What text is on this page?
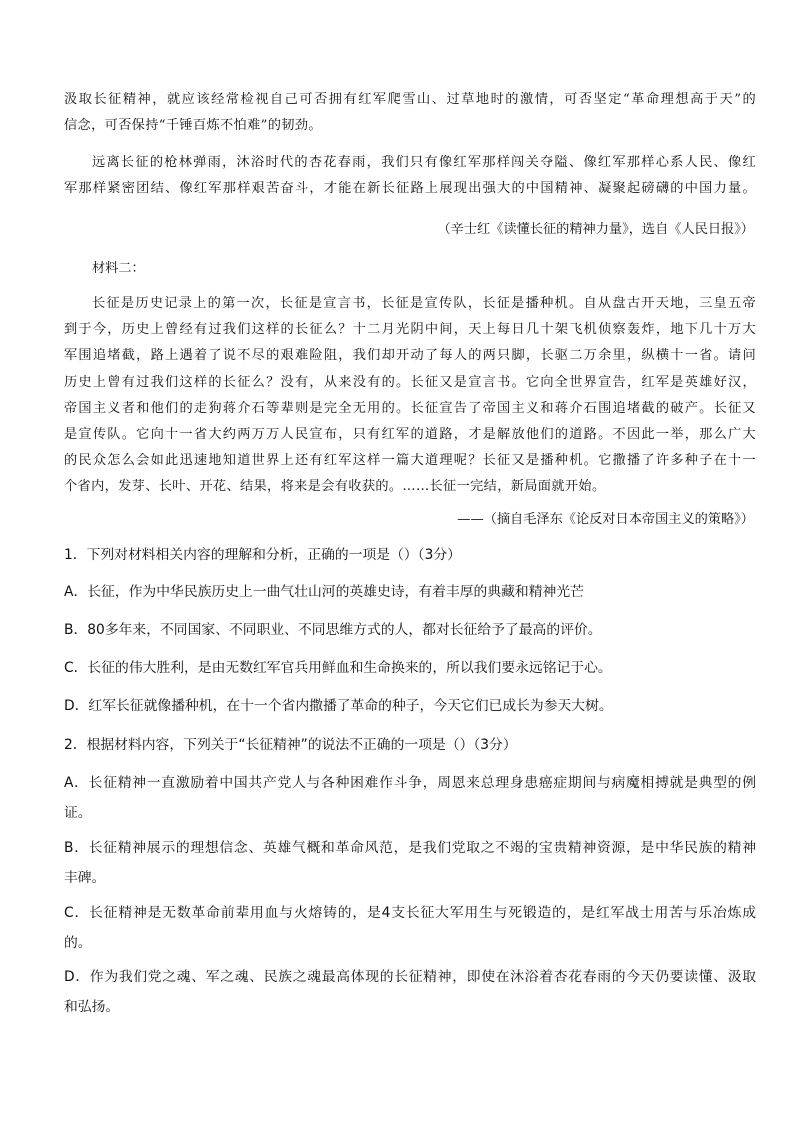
汲取长征精神，就应该经常检视自己可否拥有红军爬雪山、过草地时的激情，可否坚定“革命理想高于天”的
信念，可否保持“千锤百炼不怕难”的韧劲。
远离长征的枪林弹雨，沐浴时代的杏花春雨，我们只有像红军那样闯关夺隘、像红军那样心系人民、像红
军那样紧密团结、像红军那样艰苦奋斗，才能在新长征路上展现出强大的中国精神、凝聚起磅礴的中国力量。
（辛士红《读懂长征的精神力量》，选自《人民日报》）
材料二：
长征是历史记录上的第一次，长征是宣言书，长征是宣传队，长征是播种机。自从盘古开天地，三皇五帝
到于今，历史上曾经有过我们这样的长征么？十二月光阴中间，天上每日几十架飞机侦察轰炸，地下几十万大
军围追堵截，路上遇着了说不尽的艰难险阻，我们却开动了每人的两只脚，长驱二万余里，纵横十一省。请问
历史上曾有过我们这样的长征么？没有，从来没有的。长征又是宣言书。它向全世界宣告，红军是英雄好汉，
帝国主义者和他们的走狗蒋介石等辈则是完全无用的。长征宣告了帝国主义和蒋介石围追堵截的破产。长征又
是宣传队。它向十一省大约两万万人民宣布，只有红军的道路，才是解放他们的道路。不因此一举，那么广大
的民众怎么会如此迅速地知道世界上还有红军这样一篇大道理呢？长征又是播种机。它撒播了许多种子在十一
个省内，发芽、长叶、开花、结果，将来是会有收获的。……长征一完结，新局面就开始。
——（摘自毛泽东《论反对日本帝国主义的策略》）
1．下列对材料相关内容的理解和分析，正确的一项是（）（3分）
A．长征，作为中华民族历史上一曲气壮山河的英雄史诗，有着丰厚的典藏和精神光芒
B．80多年来，不同国家、不同职业、不同思维方式的人，都对长征给予了最高的评价。
C．长征的伟大胜利，是由无数红军官兵用鲜血和生命换来的，所以我们要永远铭记于心。
D．红军长征就像播种机，在十一个省内撒播了革命的种子，今天它们已成长为参天大树。
2．根据材料内容，下列关于“长征精神”的说法不正确的一项是（）（3分）
A．长征精神一直激励着中国共产党人与各种困难作斗争，周恩来总理身患癌症期间与病魔相搏就是典型的例
证。
B．长征精神展示的理想信念、英雄气概和革命风范，是我们党取之不竭的宝贵精神资源，是中华民族的精神
丰碑。
C．长征精神是无数革命前辈用血与火熔铸的，是4支长征大军用生与死锻造的，是红军战士用苦与乐冶炼成
的。
D．作为我们党之魂、军之魂、民族之魂最高体现的长征精神，即使在沐浴着杏花春雨的今天仍要读懂、汲取
和弘扬。
